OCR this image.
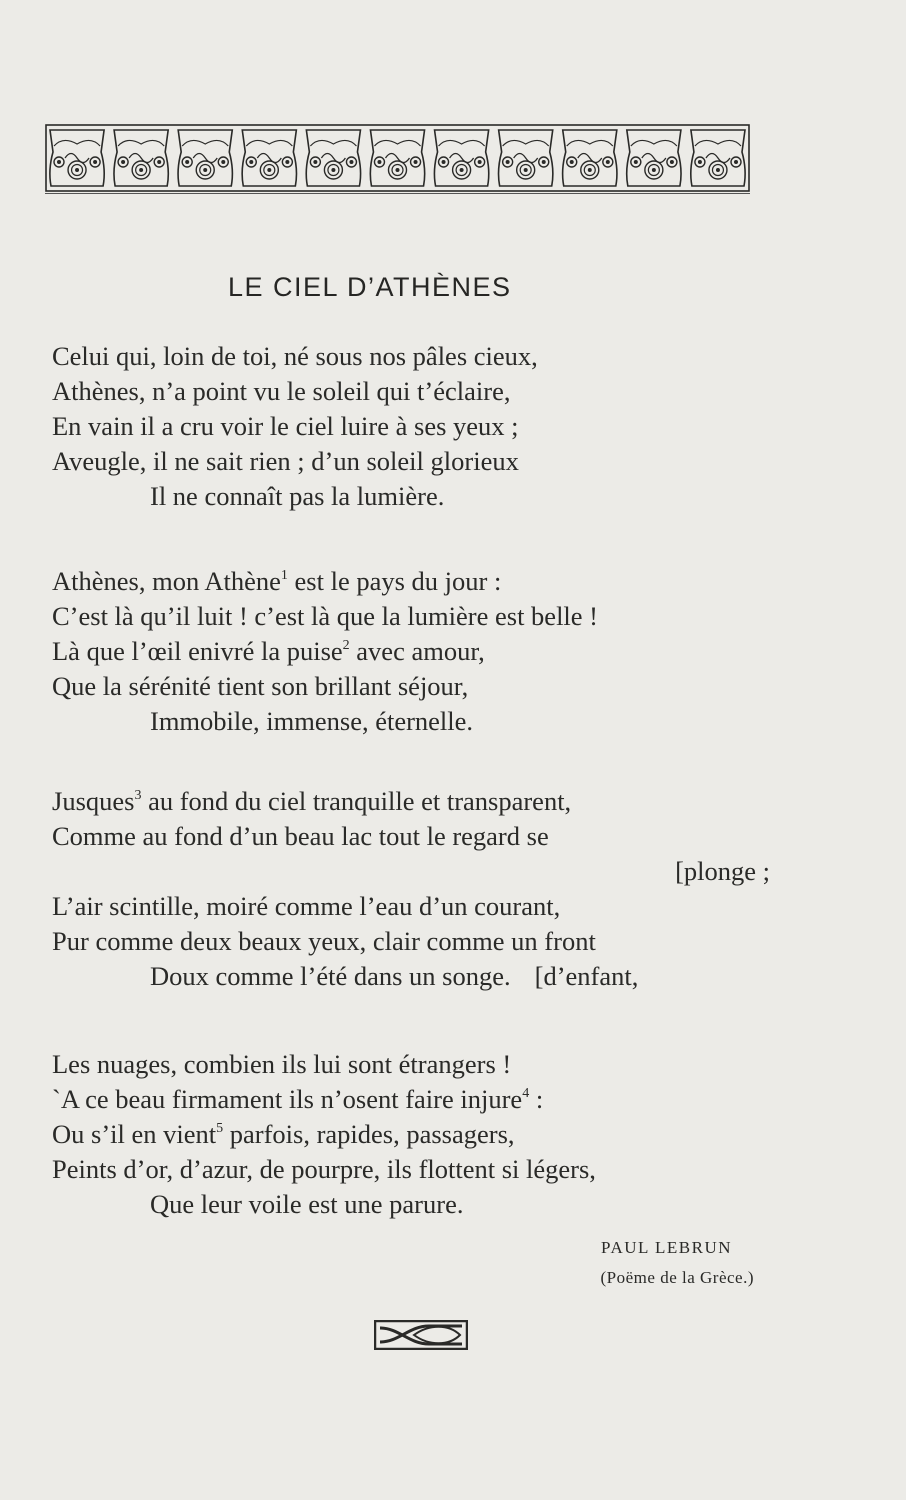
LE CIEL D’ATHÈNES
Celui qui, loin de toi, né sous nos pâles cieux,
Athènes, n’a point vu le soleil qui t’éclaire,
En vain il a cru voir le ciel luire à ses yeux ;
Aveugle, il ne sait rien ; d’un soleil glorieux
Il ne connaît pas la lumière.
Athènes, mon Athène$^1$ est le pays du jour :
C’est là qu’il luit ! c’est là que la lumière est belle !
Là que l’œil enivré la puise$^2$ avec amour,
Que la sérénité tient son brillant séjour,
Immobile, immense, éternelle.
Jusques$^3$ au fond du ciel tranquille et transparent,
Comme au fond d’un beau lac tout le regard se
[plonge ;
L’air scintille, moiré comme l’eau d’un courant,
Pur comme deux beaux yeux, clair comme un front
Doux comme l’été dans un songe. [d’enfant,
Les nuages, combien ils lui sont étrangers !
`A ce beau firmament ils n’osent faire injure$^4$ :
Ou s’il en vient$^5$ parfois, rapides, passagers,
Peints d’or, d’azur, de pourpre, ils flottent si légers,
Que leur voile est une parure.
PAUL LEBRUN
(Poëme de la Grèce.)
